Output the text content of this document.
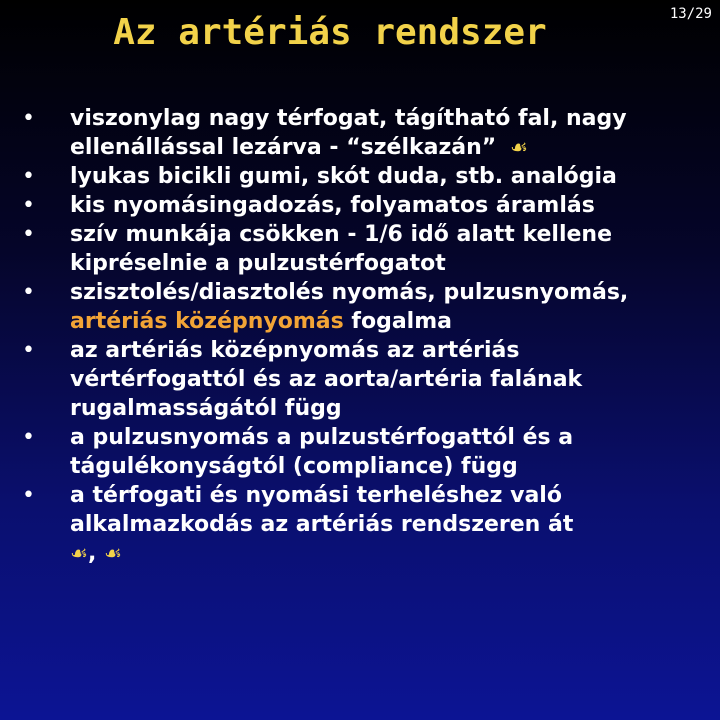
Az artériás rendszer	13/29
• viszonylag nagy térfogat, tágítható fal, nagy ellenállással lezárva - “szélkazán” ☙
• lyukas bicikli gumi, skót duda, stb. analógia
• kis nyomásingadozás, folyamatos áramlás
• szív munkája csökken - 1/6 idő alatt kellene kipréselnie a pulzustérfogatot
• szisztolés/diasztolés nyomás, pulzusnyomás, artériás középnyomás fogalma
• az artériás középnyomás az artériás vértérfogattól és az aorta/artéria falának rugalmasságától függ
• a pulzusnyomás a pulzustérfogattól és a tágulékonyságtól (compliance) függ
• a térfogati és nyomási terheléshez való alkalmazkodás az artériás rendszeren át
☙, ☙
